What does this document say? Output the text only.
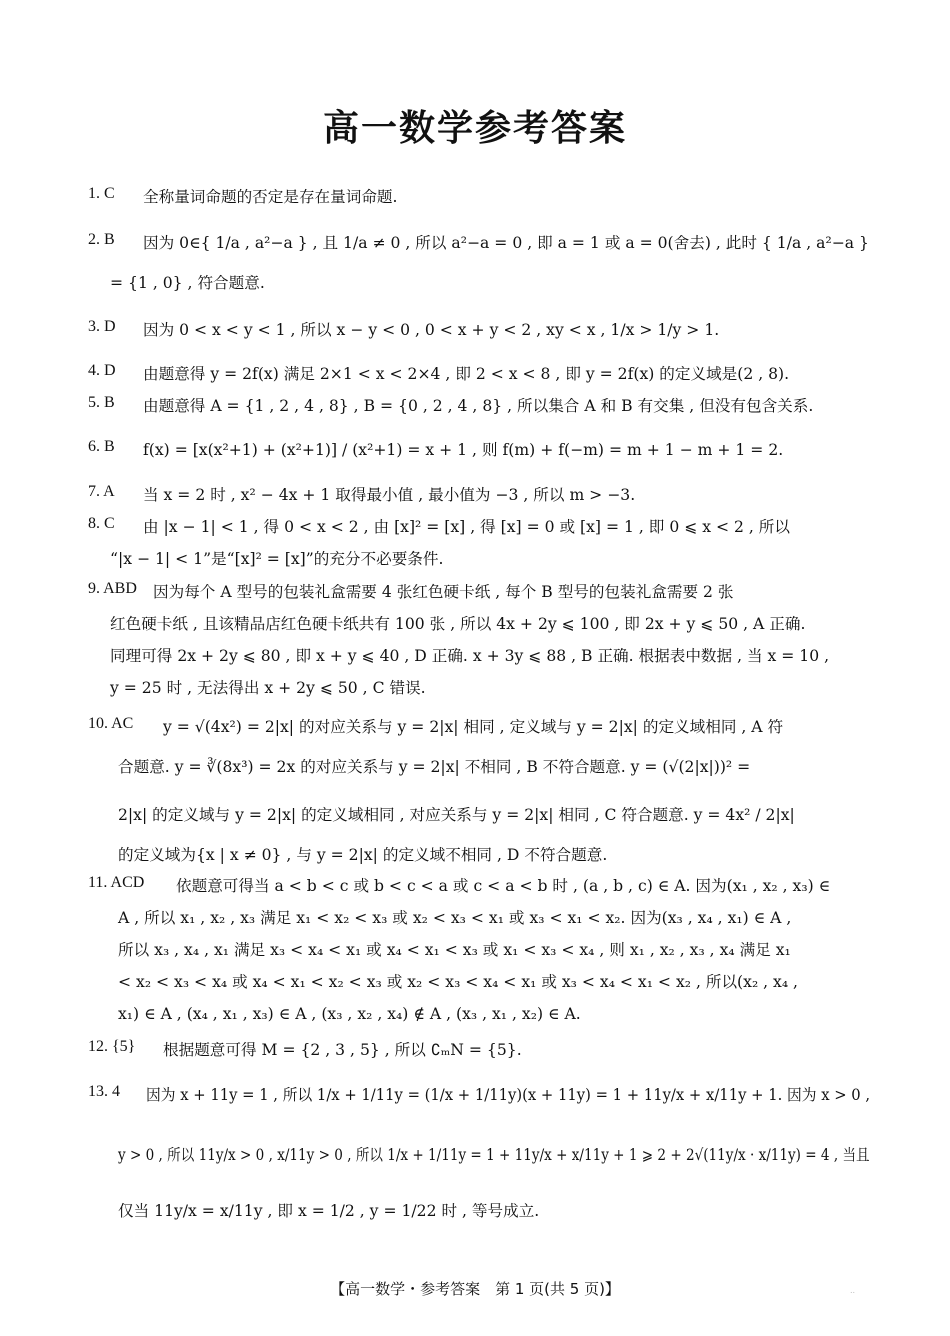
高一数学参考答案
1. C 全称量词命题的否定是存在量词命题.
2. B 因为 0∈{ 1/a , a²−a } , 且 1/a ≠ 0 , 所以 a²−a = 0 , 即 a = 1 或 a = 0(舍去) , 此时 { 1/a , a²−a }
= {1 , 0} , 符合题意.
3. D 因为 0 < x < y < 1 , 所以 x − y < 0 , 0 < x + y < 2 , xy < x , 1/x > 1/y > 1.
4. D 由题意得 y = 2f(x) 满足 2×1 < x < 2×4 , 即 2 < x < 8 , 即 y = 2f(x) 的定义域是(2 , 8).
5. B 由题意得 A = {1 , 2 , 4 , 8} , B = {0 , 2 , 4 , 8} , 所以集合 A 和 B 有交集 , 但没有包含关系.
6. B f(x) = [x(x²+1) + (x²+1)] / (x²+1) = x + 1 , 则 f(m) + f(−m) = m + 1 − m + 1 = 2.
7. A 当 x = 2 时 , x² − 4x + 1 取得最小值 , 最小值为 −3 , 所以 m > −3.
8. C 由 |x − 1| < 1 , 得 0 < x < 2 , 由 [x]² = [x] , 得 [x] = 0 或 [x] = 1 , 即 0 ⩽ x < 2 , 所以
“|x − 1| < 1”是“[x]² = [x]”的充分不必要条件.
9. ABD 因为每个 A 型号的包装礼盒需要 4 张红色硬卡纸 , 每个 B 型号的包装礼盒需要 2 张
红色硬卡纸 , 且该精品店红色硬卡纸共有 100 张 , 所以 4x + 2y ⩽ 100 , 即 2x + y ⩽ 50 , A 正确.
同理可得 2x + 2y ⩽ 80 , 即 x + y ⩽ 40 , D 正确. x + 3y ⩽ 88 , B 正确. 根据表中数据 , 当 x = 10 ,
y = 25 时 , 无法得出 x + 2y ⩽ 50 , C 错误.
10. AC y = √(4x²) = 2|x| 的对应关系与 y = 2|x| 相同 , 定义域与 y = 2|x| 的定义域相同 , A 符
合题意. y = ∛(8x³) = 2x 的对应关系与 y = 2|x| 不相同 , B 不符合题意. y = (√(2|x|))² =
2|x| 的定义域与 y = 2|x| 的定义域相同 , 对应关系与 y = 2|x| 相同 , C 符合题意. y = 4x² / 2|x|
的定义域为{x | x ≠ 0} , 与 y = 2|x| 的定义域不相同 , D 不符合题意.
11. ACD 依题意可得当 a < b < c 或 b < c < a 或 c < a < b 时 , (a , b , c) ∈ A. 因为(x₁ , x₂ , x₃) ∈
A , 所以 x₁ , x₂ , x₃ 满足 x₁ < x₂ < x₃ 或 x₂ < x₃ < x₁ 或 x₃ < x₁ < x₂. 因为(x₃ , x₄ , x₁) ∈ A ,
所以 x₃ , x₄ , x₁ 满足 x₃ < x₄ < x₁ 或 x₄ < x₁ < x₃ 或 x₁ < x₃ < x₄ , 则 x₁ , x₂ , x₃ , x₄ 满足 x₁
< x₂ < x₃ < x₄ 或 x₄ < x₁ < x₂ < x₃ 或 x₂ < x₃ < x₄ < x₁ 或 x₃ < x₄ < x₁ < x₂ , 所以(x₂ , x₄ ,
x₁) ∈ A , (x₄ , x₁ , x₃) ∈ A , (x₃ , x₂ , x₄) ∉ A , (x₃ , x₁ , x₂) ∈ A.
12. {5} 根据题意可得 M = {2 , 3 , 5} , 所以 ∁ₘN = {5}.
13. 4 因为 x + 11y = 1 , 所以 1/x + 1/11y = (1/x + 1/11y)(x + 11y) = 1 + 11y/x + x/11y + 1. 因为 x > 0 ,
y > 0 , 所以 11y/x > 0 , x/11y > 0 , 所以 1/x + 1/11y = 1 + 11y/x + x/11y + 1 ⩾ 2 + 2√(11y/x · x/11y) = 4 , 当且
仅当 11y/x = x/11y , 即 x = 1/2 , y = 1/22 时 , 等号成立.
【高一数学・参考答案　第 1 页(共 5 页)】	..
